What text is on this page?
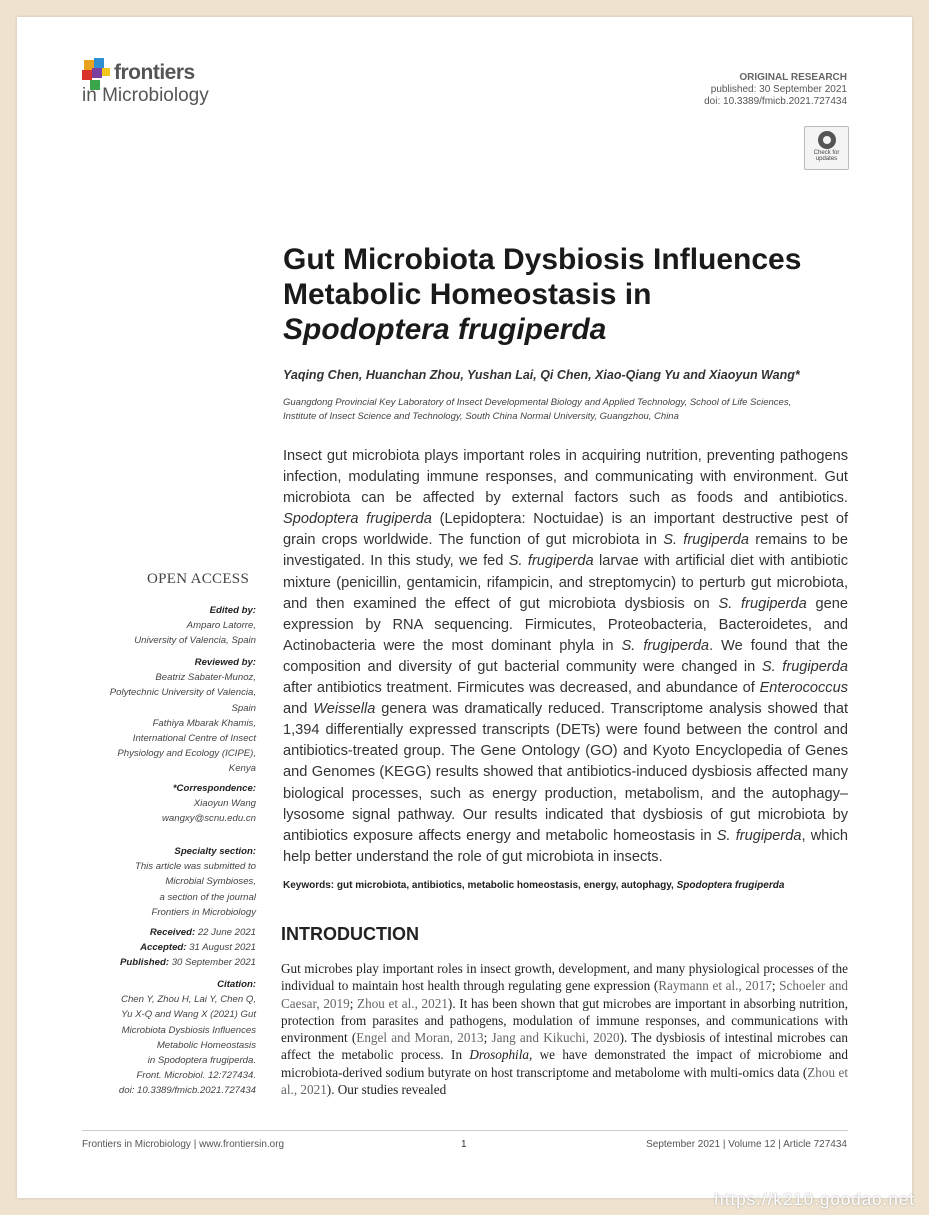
frontiers
in Microbiology
ORIGINAL RESEARCH
published: 30 September 2021
doi: 10.3389/fmicb.2021.727434
Check for
updates
Gut Microbiota Dysbiosis Influences
Metabolic Homeostasis in
Spodoptera frugiperda
Yaqing Chen, Huanchan Zhou, Yushan Lai, Qi Chen, Xiao-Qiang Yu and Xiaoyun Wang*
Guangdong Provincial Key Laboratory of Insect Developmental Biology and Applied Technology, School of Life Sciences,
Institute of Insect Science and Technology, South China Normal University, Guangzhou, China
OPEN ACCESS
Edited by:
Amparo Latorre,
University of Valencia, Spain
Reviewed by:
Beatriz Sabater-Munoz,
Polytechnic University of Valencia,
Spain
Fathiya Mbarak Khamis,
International Centre of Insect
Physiology and Ecology (ICIPE),
Kenya
*Correspondence:
Xiaoyun Wang
wangxy@scnu.edu.cn
Specialty section:
This article was submitted to
Microbial Symbioses,
a section of the journal
Frontiers in Microbiology
Received: 22 June 2021
Accepted: 31 August 2021
Published: 30 September 2021
Citation:
Chen Y, Zhou H, Lai Y, Chen Q,
Yu X-Q and Wang X (2021) Gut
Microbiota Dysbiosis Influences
Metabolic Homeostasis
in Spodoptera frugiperda.
Front. Microbiol. 12:727434.
doi: 10.3389/fmicb.2021.727434
Insect gut microbiota plays important roles in acquiring nutrition, preventing pathogens infection, modulating immune responses, and communicating with environment. Gut microbiota can be affected by external factors such as foods and antibiotics. Spodoptera frugiperda (Lepidoptera: Noctuidae) is an important destructive pest of grain crops worldwide. The function of gut microbiota in S. frugiperda remains to be investigated. In this study, we fed S. frugiperda larvae with artificial diet with antibiotic mixture (penicillin, gentamicin, rifampicin, and streptomycin) to perturb gut microbiota, and then examined the effect of gut microbiota dysbiosis on S. frugiperda gene expression by RNA sequencing. Firmicutes, Proteobacteria, Bacteroidetes, and Actinobacteria were the most dominant phyla in S. frugiperda. We found that the composition and diversity of gut bacterial community were changed in S. frugiperda after antibiotics treatment. Firmicutes was decreased, and abundance of Enterococcus and Weissella genera was dramatically reduced. Transcriptome analysis showed that 1,394 differentially expressed transcripts (DETs) were found between the control and antibiotics-treated group. The Gene Ontology (GO) and Kyoto Encyclopedia of Genes and Genomes (KEGG) results showed that antibiotics-induced dysbiosis affected many biological processes, such as energy production, metabolism, and the autophagy–lysosome signal pathway. Our results indicated that dysbiosis of gut microbiota by antibiotics exposure affects energy and metabolic homeostasis in S. frugiperda, which help better understand the role of gut microbiota in insects.
Keywords: gut microbiota, antibiotics, metabolic homeostasis, energy, autophagy, Spodoptera frugiperda
INTRODUCTION
Gut microbes play important roles in insect growth, development, and many physiological processes of the individual to maintain host health through regulating gene expression (Raymann et al., 2017; Schoeler and Caesar, 2019; Zhou et al., 2021). It has been shown that gut microbes are important in absorbing nutrition, protection from parasites and pathogens, modulation of immune responses, and communications with environment (Engel and Moran, 2013; Jang and Kikuchi, 2020). The dysbiosis of intestinal microbes can affect the metabolic process. In Drosophila, we have demonstrated the impact of microbiome and microbiota-derived sodium butyrate on host transcriptome and metabolome with multi-omics data (Zhou et al., 2021). Our studies revealed
Frontiers in Microbiology | www.frontiersin.org	1	September 2021 | Volume 12 | Article 727434
https://k210.goodao.net
